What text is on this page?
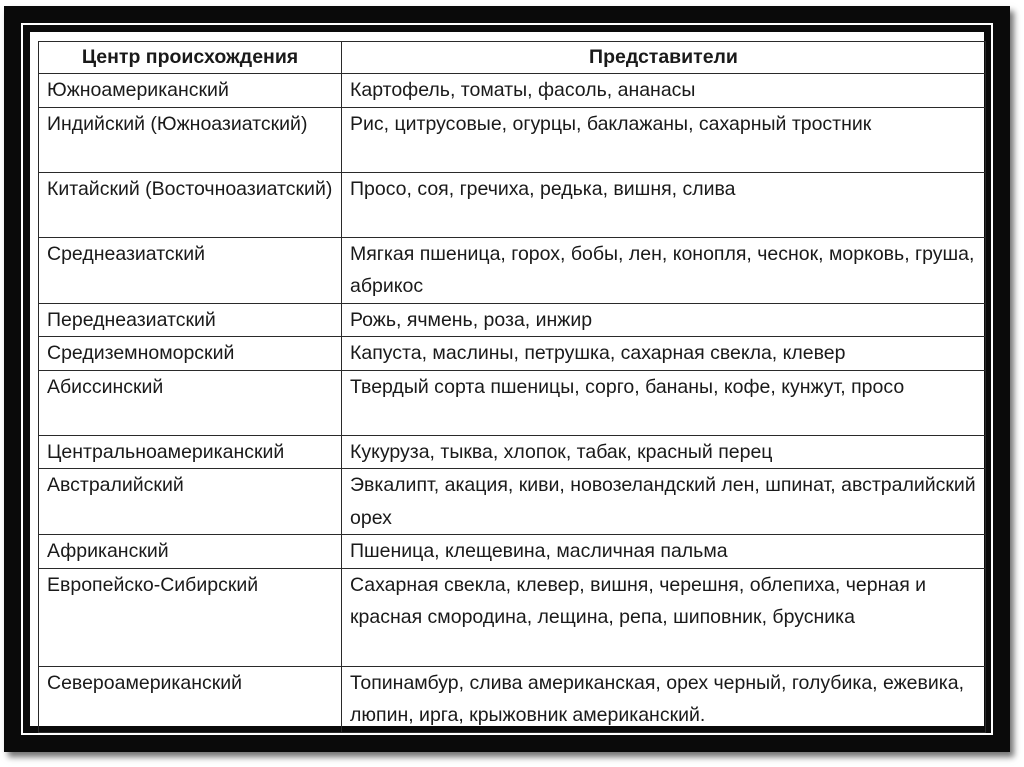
Центр происхождения	Представители
Южноамериканский	Картофель, томаты, фасоль, ананасы
Индийский (Южноазиатский)	Рис, цитрусовые, огурцы, баклажаны, сахарный тростник
Китайский (Восточноазиатский)	Просо, соя, гречиха, редька, вишня, слива
Среднеазиатский	Мягкая пшеница, горох, бобы, лен, конопля, чеснок, морковь, груша, абрикос
Переднеазиатский	Рожь, ячмень, роза, инжир
Средиземноморский	Капуста, маслины, петрушка, сахарная свекла, клевер
Абиссинский	Твердый сорта пшеницы, сорго, бананы, кофе, кунжут, просо
Центральноамериканский	Кукуруза, тыква, хлопок, табак, красный перец
Австралийский	Эвкалипт, акация, киви, новозеландский лен, шпинат, австралийский орех
Африканский	Пшеница, клещевина, масличная пальма
Европейско-Сибирский	Сахарная свекла, клевер, вишня, черешня, облепиха, черная и красная смородина, лещина, репа, шиповник, брусника
Североамериканский	Топинамбур, слива американская, орех черный, голубика, ежевика, люпин, ирга, крыжовник американский.
